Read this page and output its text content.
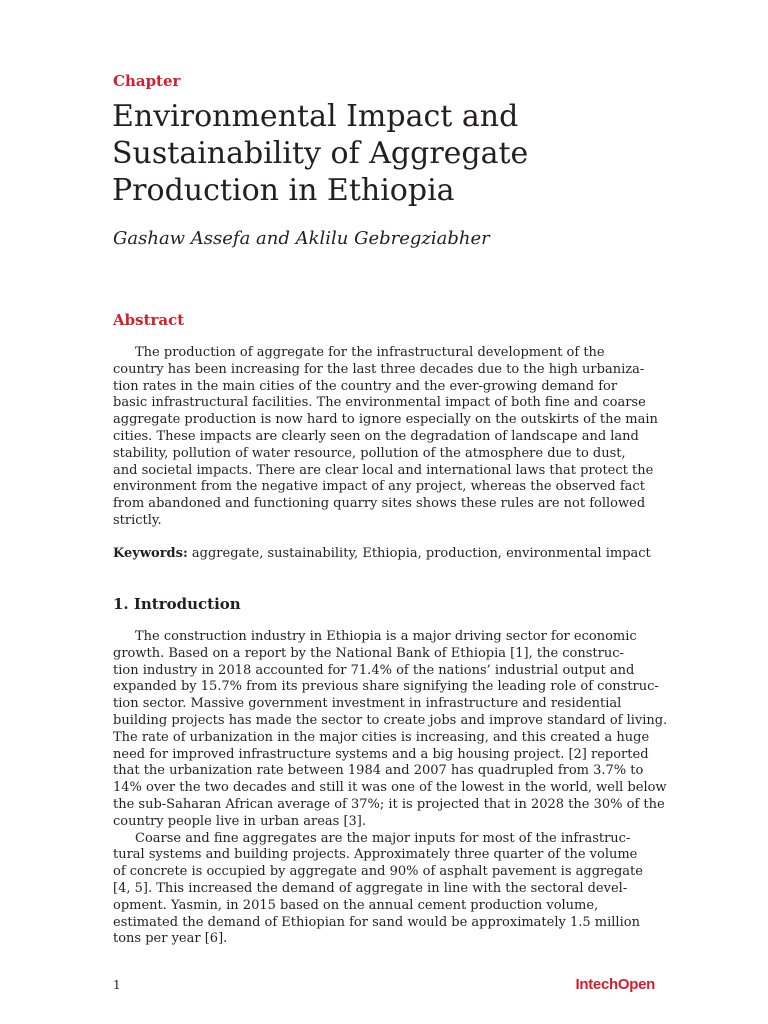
Chapter
Environmental Impact and
Sustainability of Aggregate
Production in Ethiopia
Gashaw Assefa and Aklilu Gebregziabher
Abstract
The production of aggregate for the infrastructural development of the
country has been increasing for the last three decades due to the high urbaniza-
tion rates in the main cities of the country and the ever-growing demand for
basic infrastructural facilities. The environmental impact of both fine and coarse
aggregate production is now hard to ignore especially on the outskirts of the main
cities. These impacts are clearly seen on the degradation of landscape and land
stability, pollution of water resource, pollution of the atmosphere due to dust,
and societal impacts. There are clear local and international laws that protect the
environment from the negative impact of any project, whereas the observed fact
from abandoned and functioning quarry sites shows these rules are not followed
strictly.
Keywords: aggregate, sustainability, Ethiopia, production, environmental impact
1. Introduction
The construction industry in Ethiopia is a major driving sector for economic
growth. Based on a report by the National Bank of Ethiopia [1], the construc-
tion industry in 2018 accounted for 71.4% of the nations’ industrial output and
expanded by 15.7% from its previous share signifying the leading role of construc-
tion sector. Massive government investment in infrastructure and residential
building projects has made the sector to create jobs and improve standard of living.
The rate of urbanization in the major cities is increasing, and this created a huge
need for improved infrastructure systems and a big housing project. [2] reported
that the urbanization rate between 1984 and 2007 has quadrupled from 3.7% to
14% over the two decades and still it was one of the lowest in the world, well below
the sub-Saharan African average of 37%; it is projected that in 2028 the 30% of the
country people live in urban areas [3].
Coarse and fine aggregates are the major inputs for most of the infrastruc-
tural systems and building projects. Approximately three quarter of the volume
of concrete is occupied by aggregate and 90% of asphalt pavement is aggregate
[4, 5]. This increased the demand of aggregate in line with the sectoral devel-
opment. Yasmin, in 2015 based on the annual cement production volume,
estimated the demand of Ethiopian for sand would be approximately 1.5 million
tons per year [6].
1	IntechOpen
